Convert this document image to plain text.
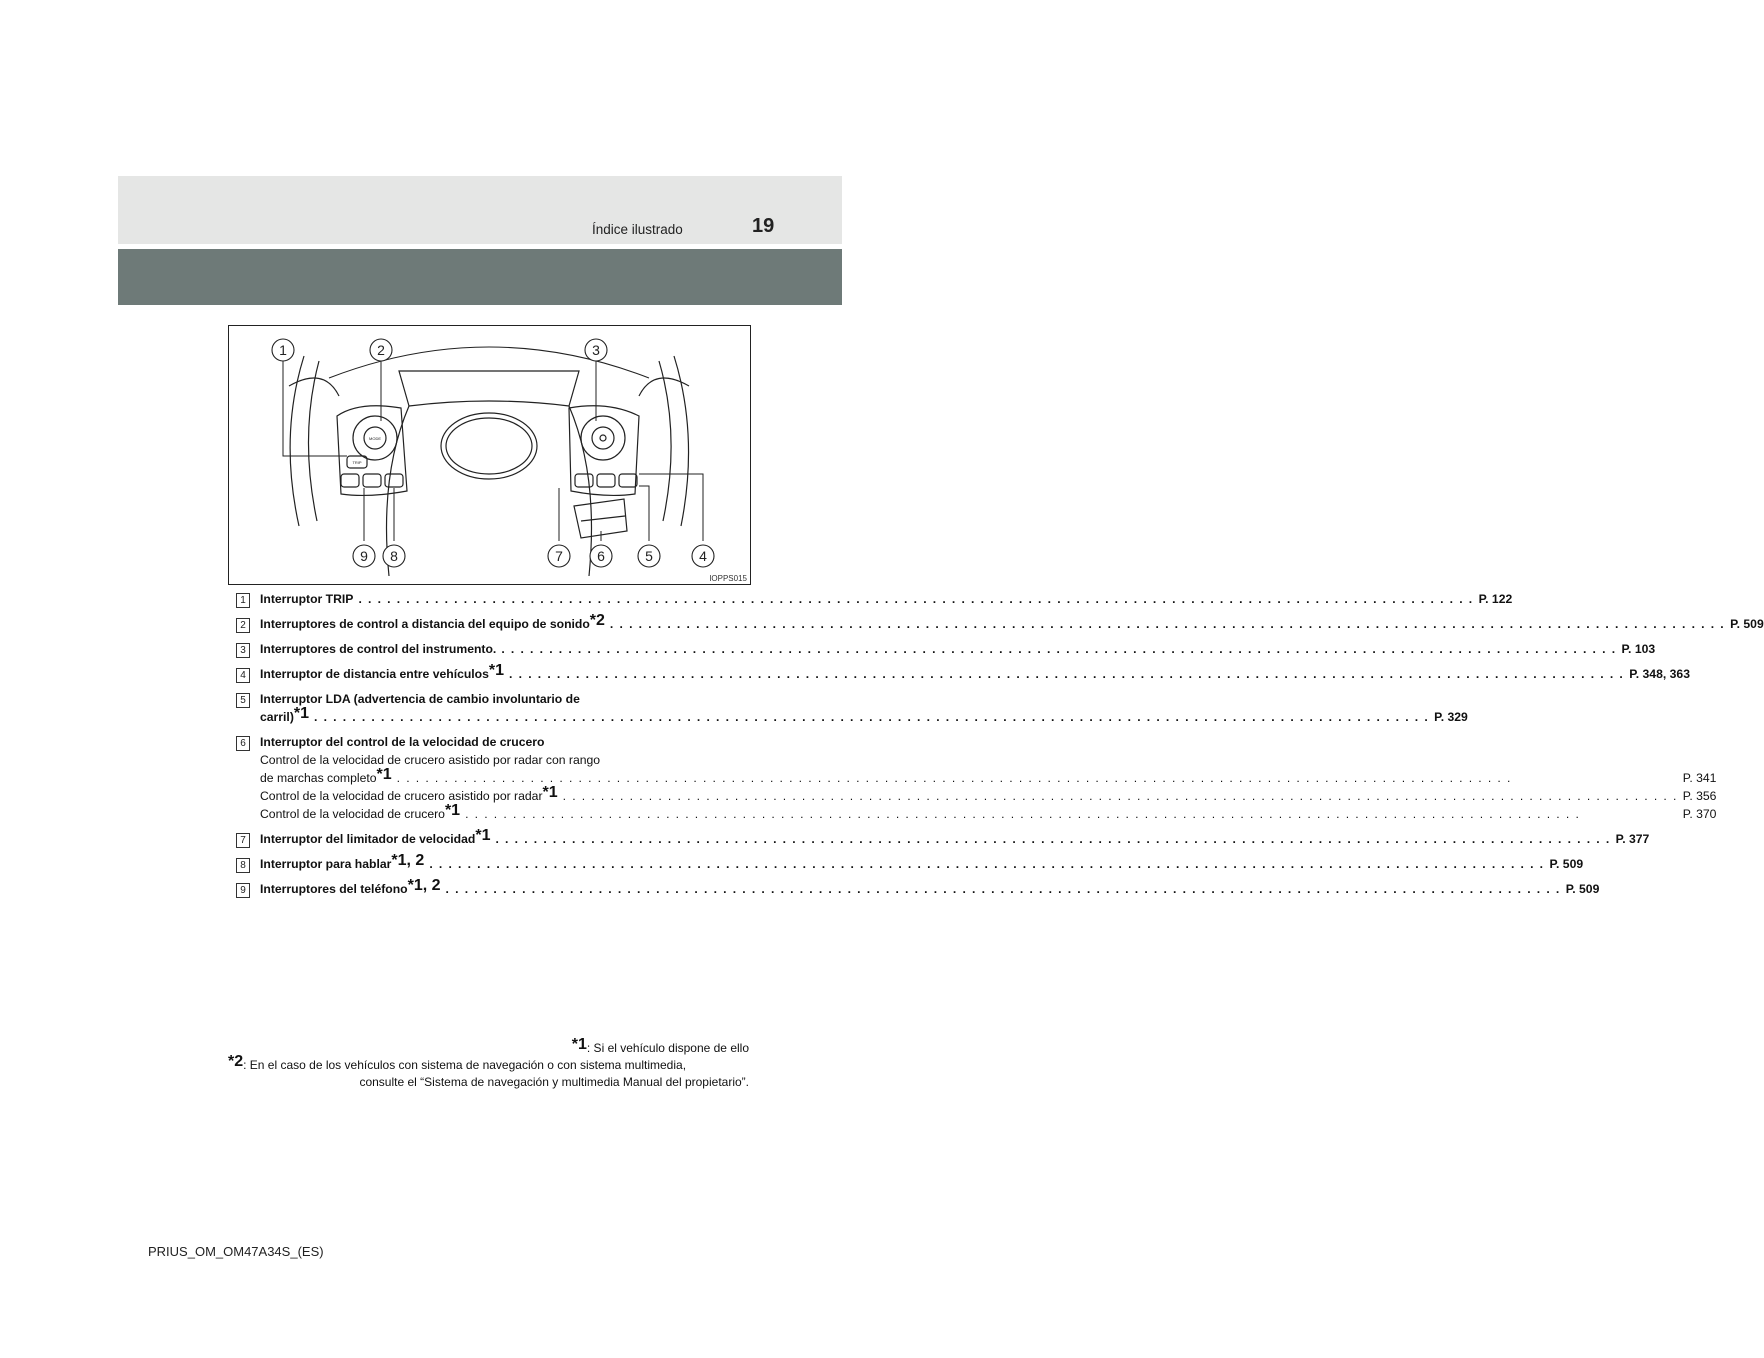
Índice ilustrado	19
1	2	3
9 8	7 6	5	4
MODE
TRIP
IOPPS015
1	Interruptor TRIP . . .	P. 122
2	Interruptores de control a distancia del equipo de sonido$^{*2}$ . . .	P. 509
3	Interruptores de control del instrumento. . . .	P. 103
4	Interruptor de distancia entre vehículos$^{*1}$ . . .	P. 348, 363
5	Interruptor LDA (advertencia de cambio involuntario de
carril)$^{*1}$ . . .	P. 329
6	Interruptor del control de la velocidad de crucero
Control de la velocidad de crucero asistido por radar con rango
de marchas completo$^{*1}$ . . .	P. 341
Control de la velocidad de crucero asistido por radar$^{*1}$ . . .	P. 356
Control de la velocidad de crucero$^{*1}$ . . .	P. 370
7	Interruptor del limitador de velocidad$^{*1}$ . . .	P. 377
8	Interruptor para hablar$^{*1, 2}$ . . .	P. 509
9	Interruptores del teléfono$^{*1, 2}$ . . .	P. 509
$^{*1}$: Si el vehículo dispone de ello
$^{*2}$: En el caso de los vehículos con sistema de navegación o con sistema multimedia,
consulte el “Sistema de navegación y multimedia Manual del propietario”.
PRIUS_OM_OM47A34S_(ES)
